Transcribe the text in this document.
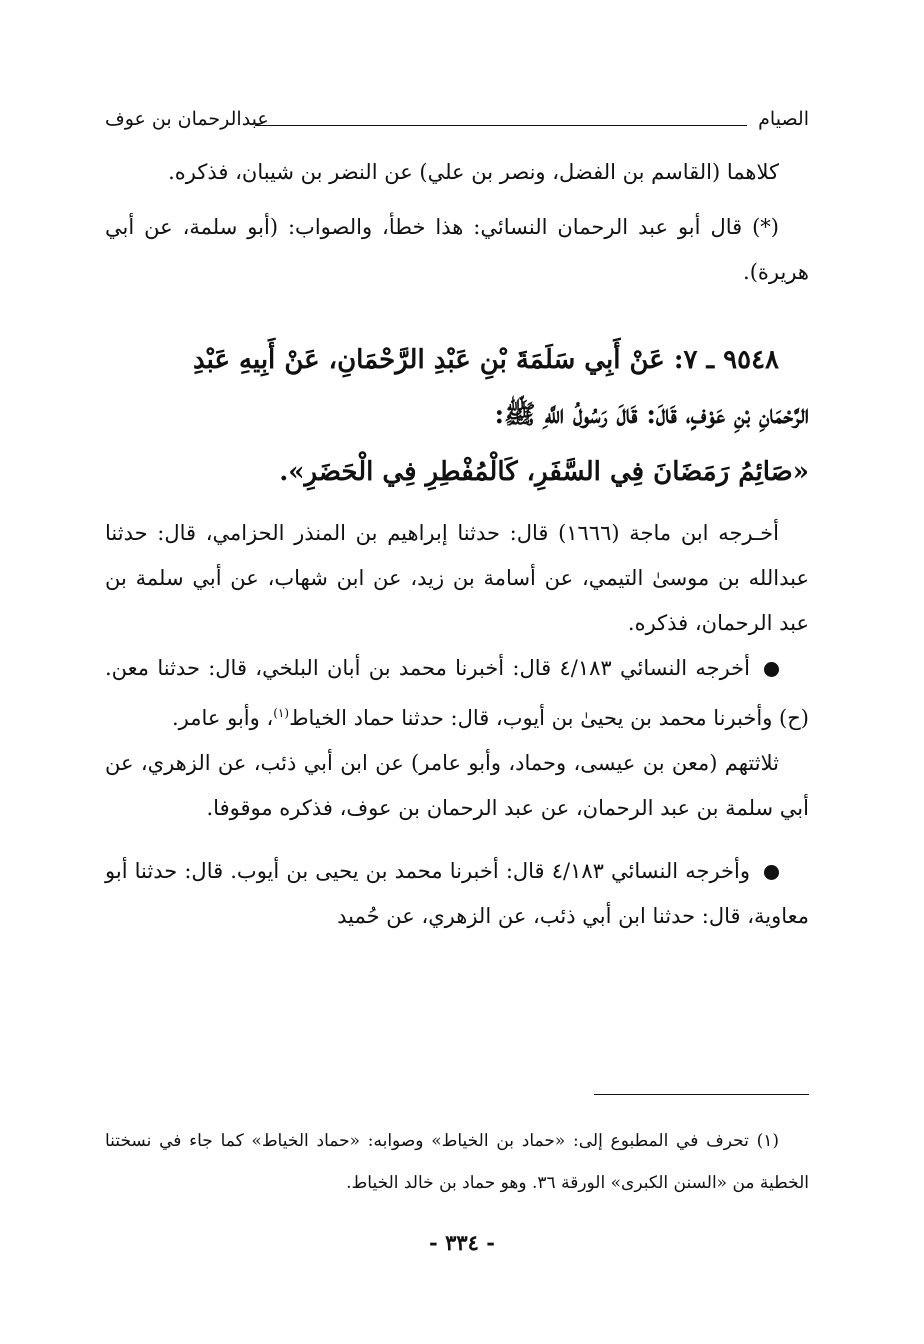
الصيام
عبدالرحمان بن عوف

كلاهما (القاسم بن الفضل، ونصر بن علي) عن النضر بن شيبان، فذكره.

(*) قال أبو عبد الرحمان النسائي: هذا خطأ، والصواب: (أبو سلمة، عن أبي هريرة).

٩٥٤٨ ـ ٧: عَنْ أَبِي سَلَمَةَ بْنِ عَبْدِ الرَّحْمَانِ، عَنْ أَبِيهِ عَبْدِ

الرَّحْمَانِ بْنِ عَوْفٍ، قَالَ: قَالَ رَسُولُ اللَّهِ ﷺ:

«صَائِمُ رَمَضَانَ فِي السَّفَرِ، كَالْمُفْطِرِ فِي الْحَضَرِ».

أخـرجه ابن ماجة (١٦٦٦) قال: حدثنا إبراهيم بن المنذر الحزامي، قال: حدثنا عبدالله بن موسىٰ التيمي، عن أسامة بن زيد، عن ابن شهاب، عن أبي سلمة بن عبد الرحمان، فذكره.

أخرجه النسائي ٤/١٨٣ قال: أخبرنا محمد بن أبان البلخي، قال: حدثنا معن. (ح) وأخبرنا محمد بن يحيىٰ بن أيوب، قال: حدثنا حماد الخياط$^{(١)}$، وأبو عامر.

ثلاثتهم (معن بن عيسى، وحماد، وأبو عامر) عن ابن أبي ذئب، عن الزهري، عن أبي سلمة بن عبد الرحمان، عن عبد الرحمان بن عوف، فذكره موقوفا.

وأخرجه النسائي ٤/١٨٣ قال: أخبرنا محمد بن يحيى بن أيوب. قال: حدثنا أبو معاوية، قال: حدثنا ابن أبي ذئب، عن الزهري، عن حُميد

(١) تحرف في المطبوع إلى: «حماد بن الخياط» وصوابه: «حماد الخياط» كما جاء في نسختنا الخطية من «السنن الكبرى» الورقة ٣٦. وهو حماد بن خالد الخياط.

- ٣٣٤ -
